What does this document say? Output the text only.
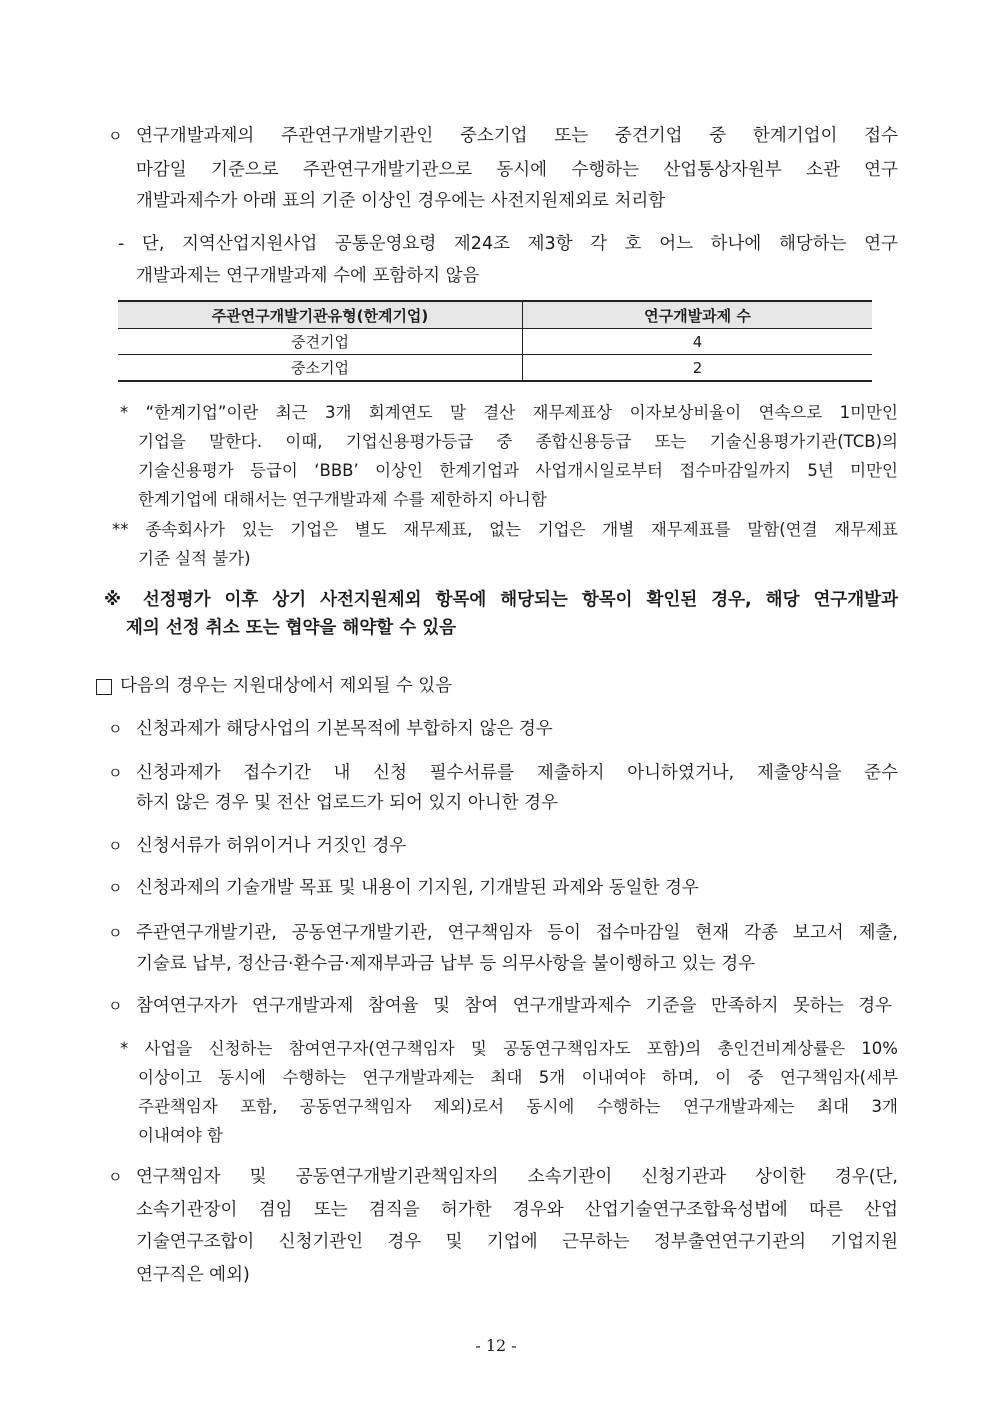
ㅇ 연구개발과제의 주관연구개발기관인 중소기업 또는 중견기업 중 한계기업이 접수
마감일 기준으로 주관연구개발기관으로 동시에 수행하는 산업통상자원부 소관 연구
개발과제수가 아래 표의 기준 이상인 경우에는 사전지원제외로 처리함
- 단, 지역산업지원사업 공통운영요령 제24조 제3항 각 호 어느 하나에 해당하는 연구
개발과제는 연구개발과제 수에 포함하지 않음
주관연구개발기관유형(한계기업)	연구개발과제 수
중견기업	4
중소기업	2
* “한계기업”이란 최근 3개 회계연도 말 결산 재무제표상 이자보상비율이 연속으로 1미만인
기업을 말한다. 이때, 기업신용평가등급 중 종합신용등급 또는 기술신용평가기관(TCB)의
기술신용평가 등급이 ‘BBB’ 이상인 한계기업과 사업개시일로부터 접수마감일까지 5년 미만인
한계기업에 대해서는 연구개발과제 수를 제한하지 아니함
** 종속회사가 있는 기업은 별도 재무제표, 없는 기업은 개별 재무제표를 말함(연결 재무제표
기준 실적 불가)
※ 선정평가 이후 상기 사전지원제외 항목에 해당되는 항목이 확인된 경우, 해당 연구개발과
제의 선정 취소 또는 협약을 해약할 수 있음
다음의 경우는 지원대상에서 제외될 수 있음
ㅇ 신청과제가 해당사업의 기본목적에 부합하지 않은 경우
ㅇ 신청과제가 접수기간 내 신청 필수서류를 제출하지 아니하였거나, 제출양식을 준수
하지 않은 경우 및 전산 업로드가 되어 있지 아니한 경우
ㅇ 신청서류가 허위이거나 거짓인 경우
ㅇ 신청과제의 기술개발 목표 및 내용이 기지원, 기개발된 과제와 동일한 경우
ㅇ 주관연구개발기관, 공동연구개발기관, 연구책임자 등이 접수마감일 현재 각종 보고서 제출,
기술료 납부, 정산금·환수금·제재부과금 납부 등 의무사항을 불이행하고 있는 경우
ㅇ 참여연구자가 연구개발과제 참여율 및 참여 연구개발과제수 기준을 만족하지 못하는 경우
* 사업을 신청하는 참여연구자(연구책임자 및 공동연구책임자도 포함)의 총인건비계상률은 10%
이상이고 동시에 수행하는 연구개발과제는 최대 5개 이내여야 하며, 이 중 연구책임자(세부
주관책임자 포함, 공동연구책임자 제외)로서 동시에 수행하는 연구개발과제는 최대 3개
이내여야 함
ㅇ 연구책임자 및 공동연구개발기관책임자의 소속기관이 신청기관과 상이한 경우(단,
소속기관장이 겸임 또는 겸직을 허가한 경우와 산업기술연구조합육성법에 따른 산업
기술연구조합이 신청기관인 경우 및 기업에 근무하는 정부출연연구기관의 기업지원
연구직은 예외)
- 12 -
